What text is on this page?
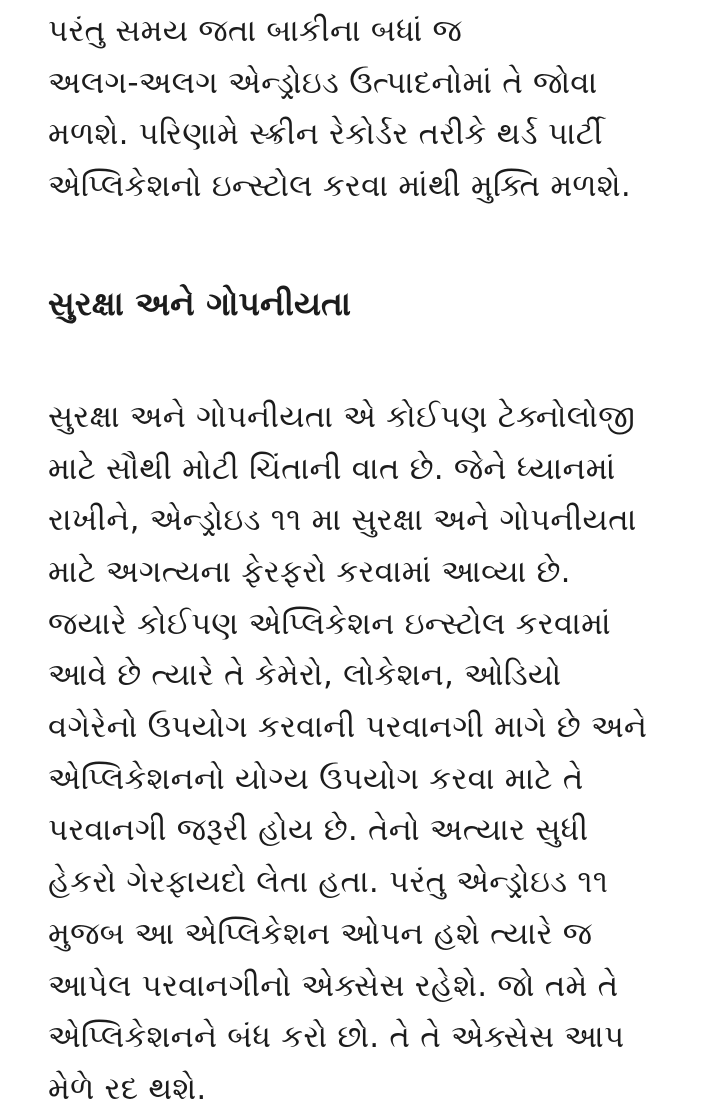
પરંતુ સમય જતા બાકીના બધાં જ
અલગ-અલગ એન્ડ્રોઇડ ઉત્પાદનોમાં તે જોવા
મળશે. પરિણામે સ્ક્રીન રેકોર્ડર તરીકે થર્ડ પાર્ટી
એપ્લિકેશનો ઇન્સ્ટોલ કરવા માંથી મુક્તિ મળશે.
સુરક્ષા અને ગોપનીયતા
સુરક્ષા અને ગોપનીયતા એ કોઈપણ ટેક્નોલોજી
માટે સૌથી મોટી ચિંતાની વાત છે. જેને ધ્યાનમાં
રાખીને, એન્ડ્રોઇડ ૧૧ મા સુરક્ષા અને ગોપનીયતા
માટે અગત્યના ફેરફરો કરવામાં આવ્યા છે.
જયારે કોઈપણ એપ્લિકેશન ઇન્સ્ટોલ કરવામાં
આવે છે ત્યારે તે કેમેરો, લોકેશન, ઓડિયો
વગેરેનો ઉપયોગ કરવાની પરવાનગી માગે છે અને
એપ્લિકેશનનો યોગ્ય ઉપયોગ કરવા માટે તે
પરવાનગી જરૂરી હોય છે. તેનો અત્યાર સુધી
હેકરો ગેરફાયદો લેતા હતા. પરંતુ એન્ડ્રોઇડ ૧૧
મુજબ આ એપ્લિકેશન ઓપન હશે ત્યારે જ
આપેલ પરવાનગીનો એક્સેસ રહેશે. જો તમે તે
એપ્લિકેશનને બંધ કરો છો. તે તે એક્સેસ આપ
મેળે રદ થશે.
